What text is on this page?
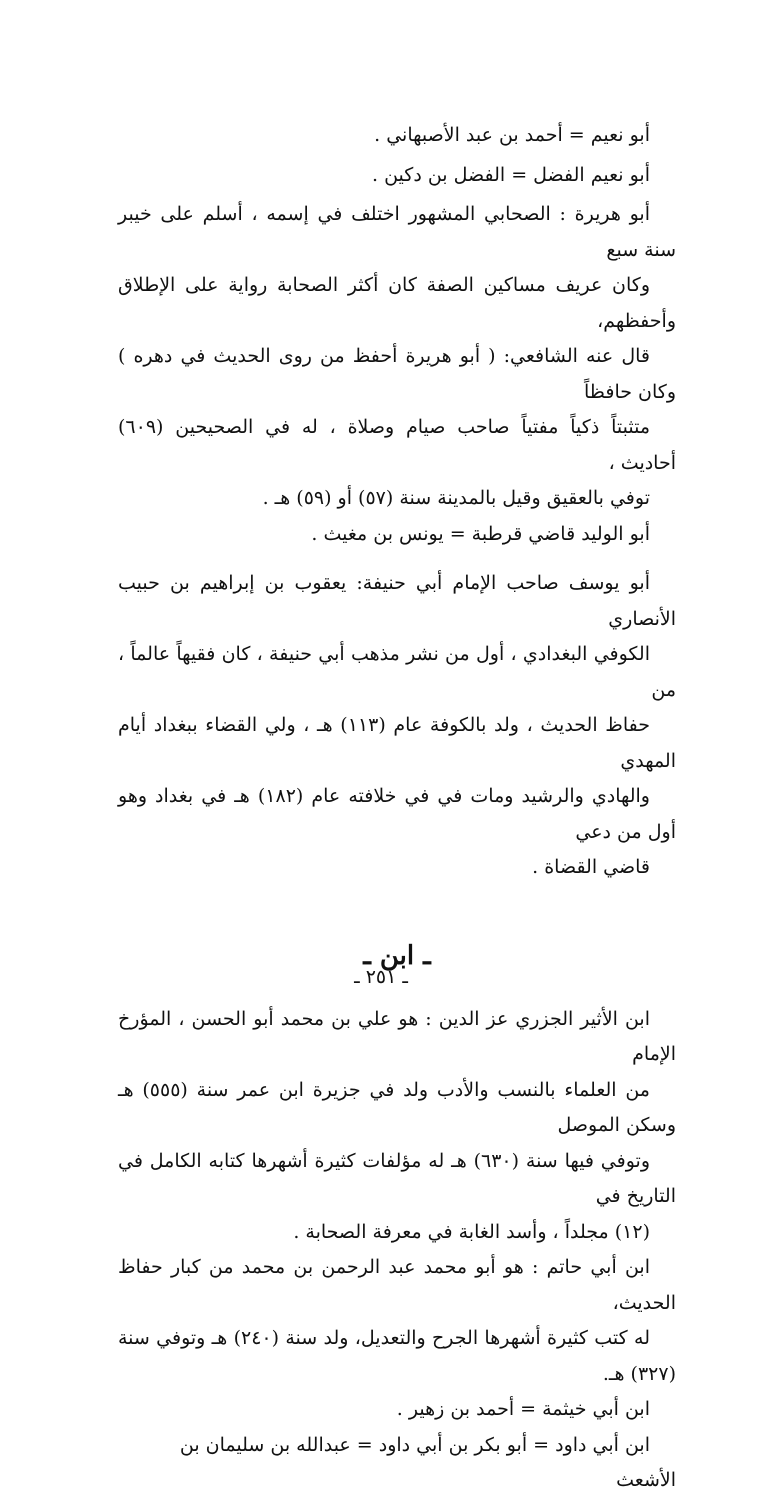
أبو نعيم = أحمد بن عبد الأصبهاني .
أبو نعيم الفضل = الفضل بن دكين .
أبو هريرة : الصحابي المشهور اختلف في إسمه ، أسلم على خيبر سنة سبع
وكان عريف مساكين الصفة كان أكثر الصحابة رواية على الإطلاق وأحفظهم،
قال عنه الشافعي: ( أبو هريرة أحفظ من روى الحديث في دهره ) وكان حافظاً
متثبتاً ذكياً مفتياً صاحب صيام وصلاة ، له في الصحيحين (٦٠٩) أحاديث ،
توفي بالعقيق وقيل بالمدينة سنة (٥٧) أو (٥٩) هـ .
أبو الوليد قاضي قرطبة = يونس بن مغيث .
أبو يوسف صاحب الإمام أبي حنيفة: يعقوب بن إبراهيم بن حبيب الأنصاري
الكوفي البغدادي ، أول من نشر مذهب أبي حنيفة ، كان فقيهاً عالماً ، من
حفاظ الحديث ، ولد بالكوفة عام (١١٣) هـ ، ولي القضاء ببغداد أيام المهدي
والهادي والرشيد ومات في في خلافته عام (١٨٢) هـ في بغداد وهو أول من دعي
قاضي القضاة .
ـ ابن ـ
ابن الأثير الجزري عز الدين : هو علي بن محمد أبو الحسن ، المؤرخ الإمام
من العلماء بالنسب والأدب ولد في جزيرة ابن عمر سنة (٥٥٥) هـ وسكن الموصل
وتوفي فيها سنة (٦٣٠) هـ له مؤلفات كثيرة أشهرها كتابه الكامل في التاريخ في
(١٢) مجلداً ، وأسد الغابة في معرفة الصحابة .
ابن أبي حاتم : هو أبو محمد عبد الرحمن بن محمد من كبار حفاظ الحديث،
له كتب كثيرة أشهرها الجرح والتعديل، ولد سنة (٢٤٠) هـ وتوفي سنة (٣٢٧) هـ.
ابن أبي خيثمة = أحمد بن زهير .
ابن أبي داود = أبو بكر بن أبي داود = عبدالله بن سليمان بن الأشعث
ـ ٢٥١ ـ
